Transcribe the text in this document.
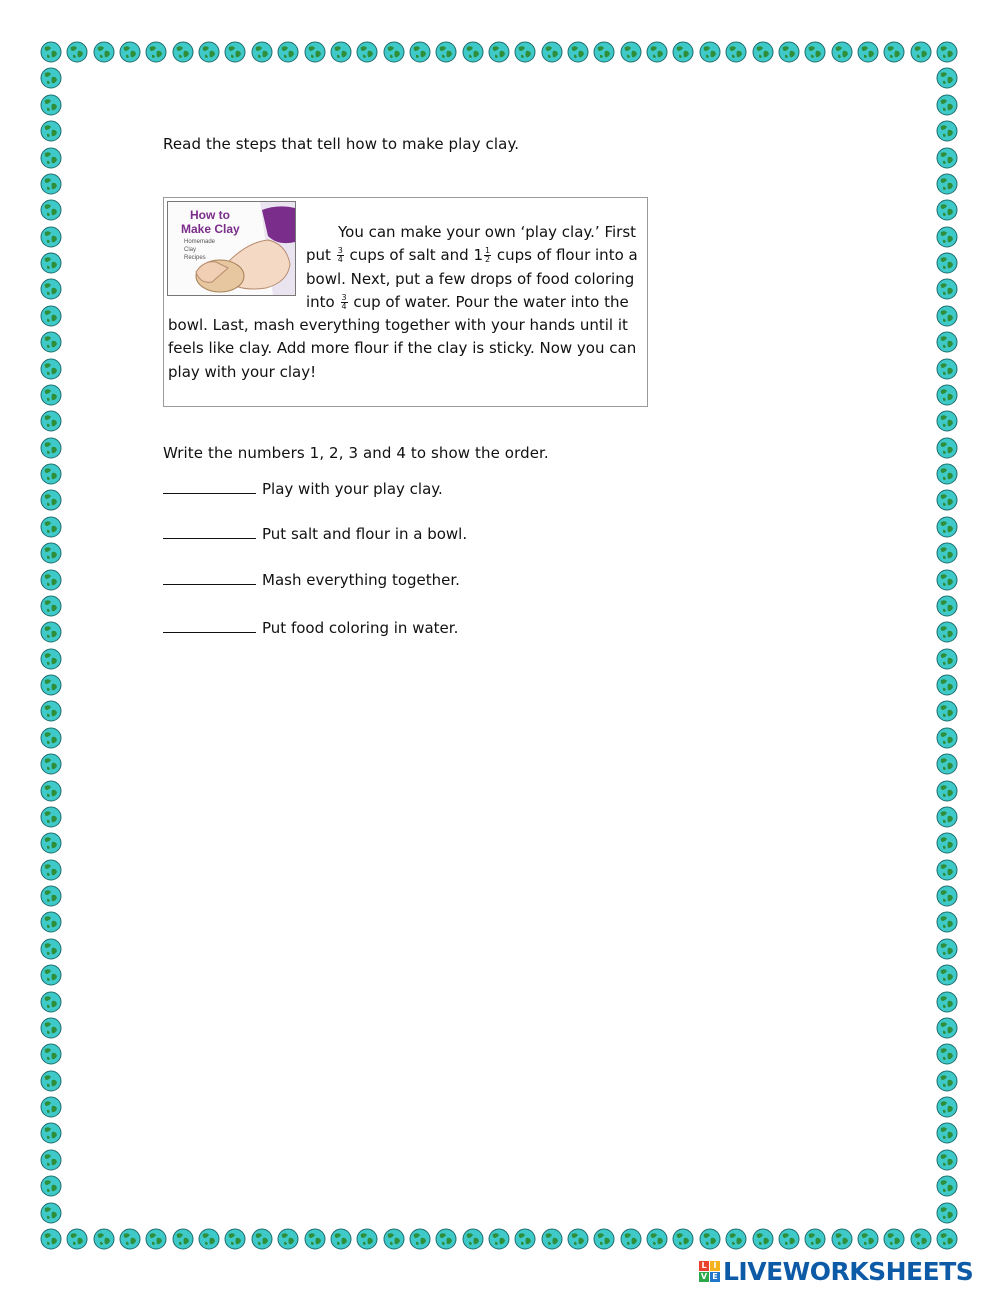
Read the steps that tell how to make play clay.
How to
Make Clay
Homemade
Clay
Recipes

You can make your own ‘play clay.’ First put $\frac{3}{4}$ cups of salt and $1 \frac{1}{2}$ cups of flour into a bowl. Next, put a few drops of food coloring into $\frac{3}{4}$ cup of water. Pour the water into the bowl. Last, mash everything together with your hands until it feels like clay. Add more flour if the clay is sticky. Now you can play with your clay!

Write the numbers 1, 2, 3 and 4 to show the order.
Play with your play clay.
Put salt and flour in a bowl.
Mash everything together.
Put food coloring in water.
L I
V E LIVEWORKSHEETS
